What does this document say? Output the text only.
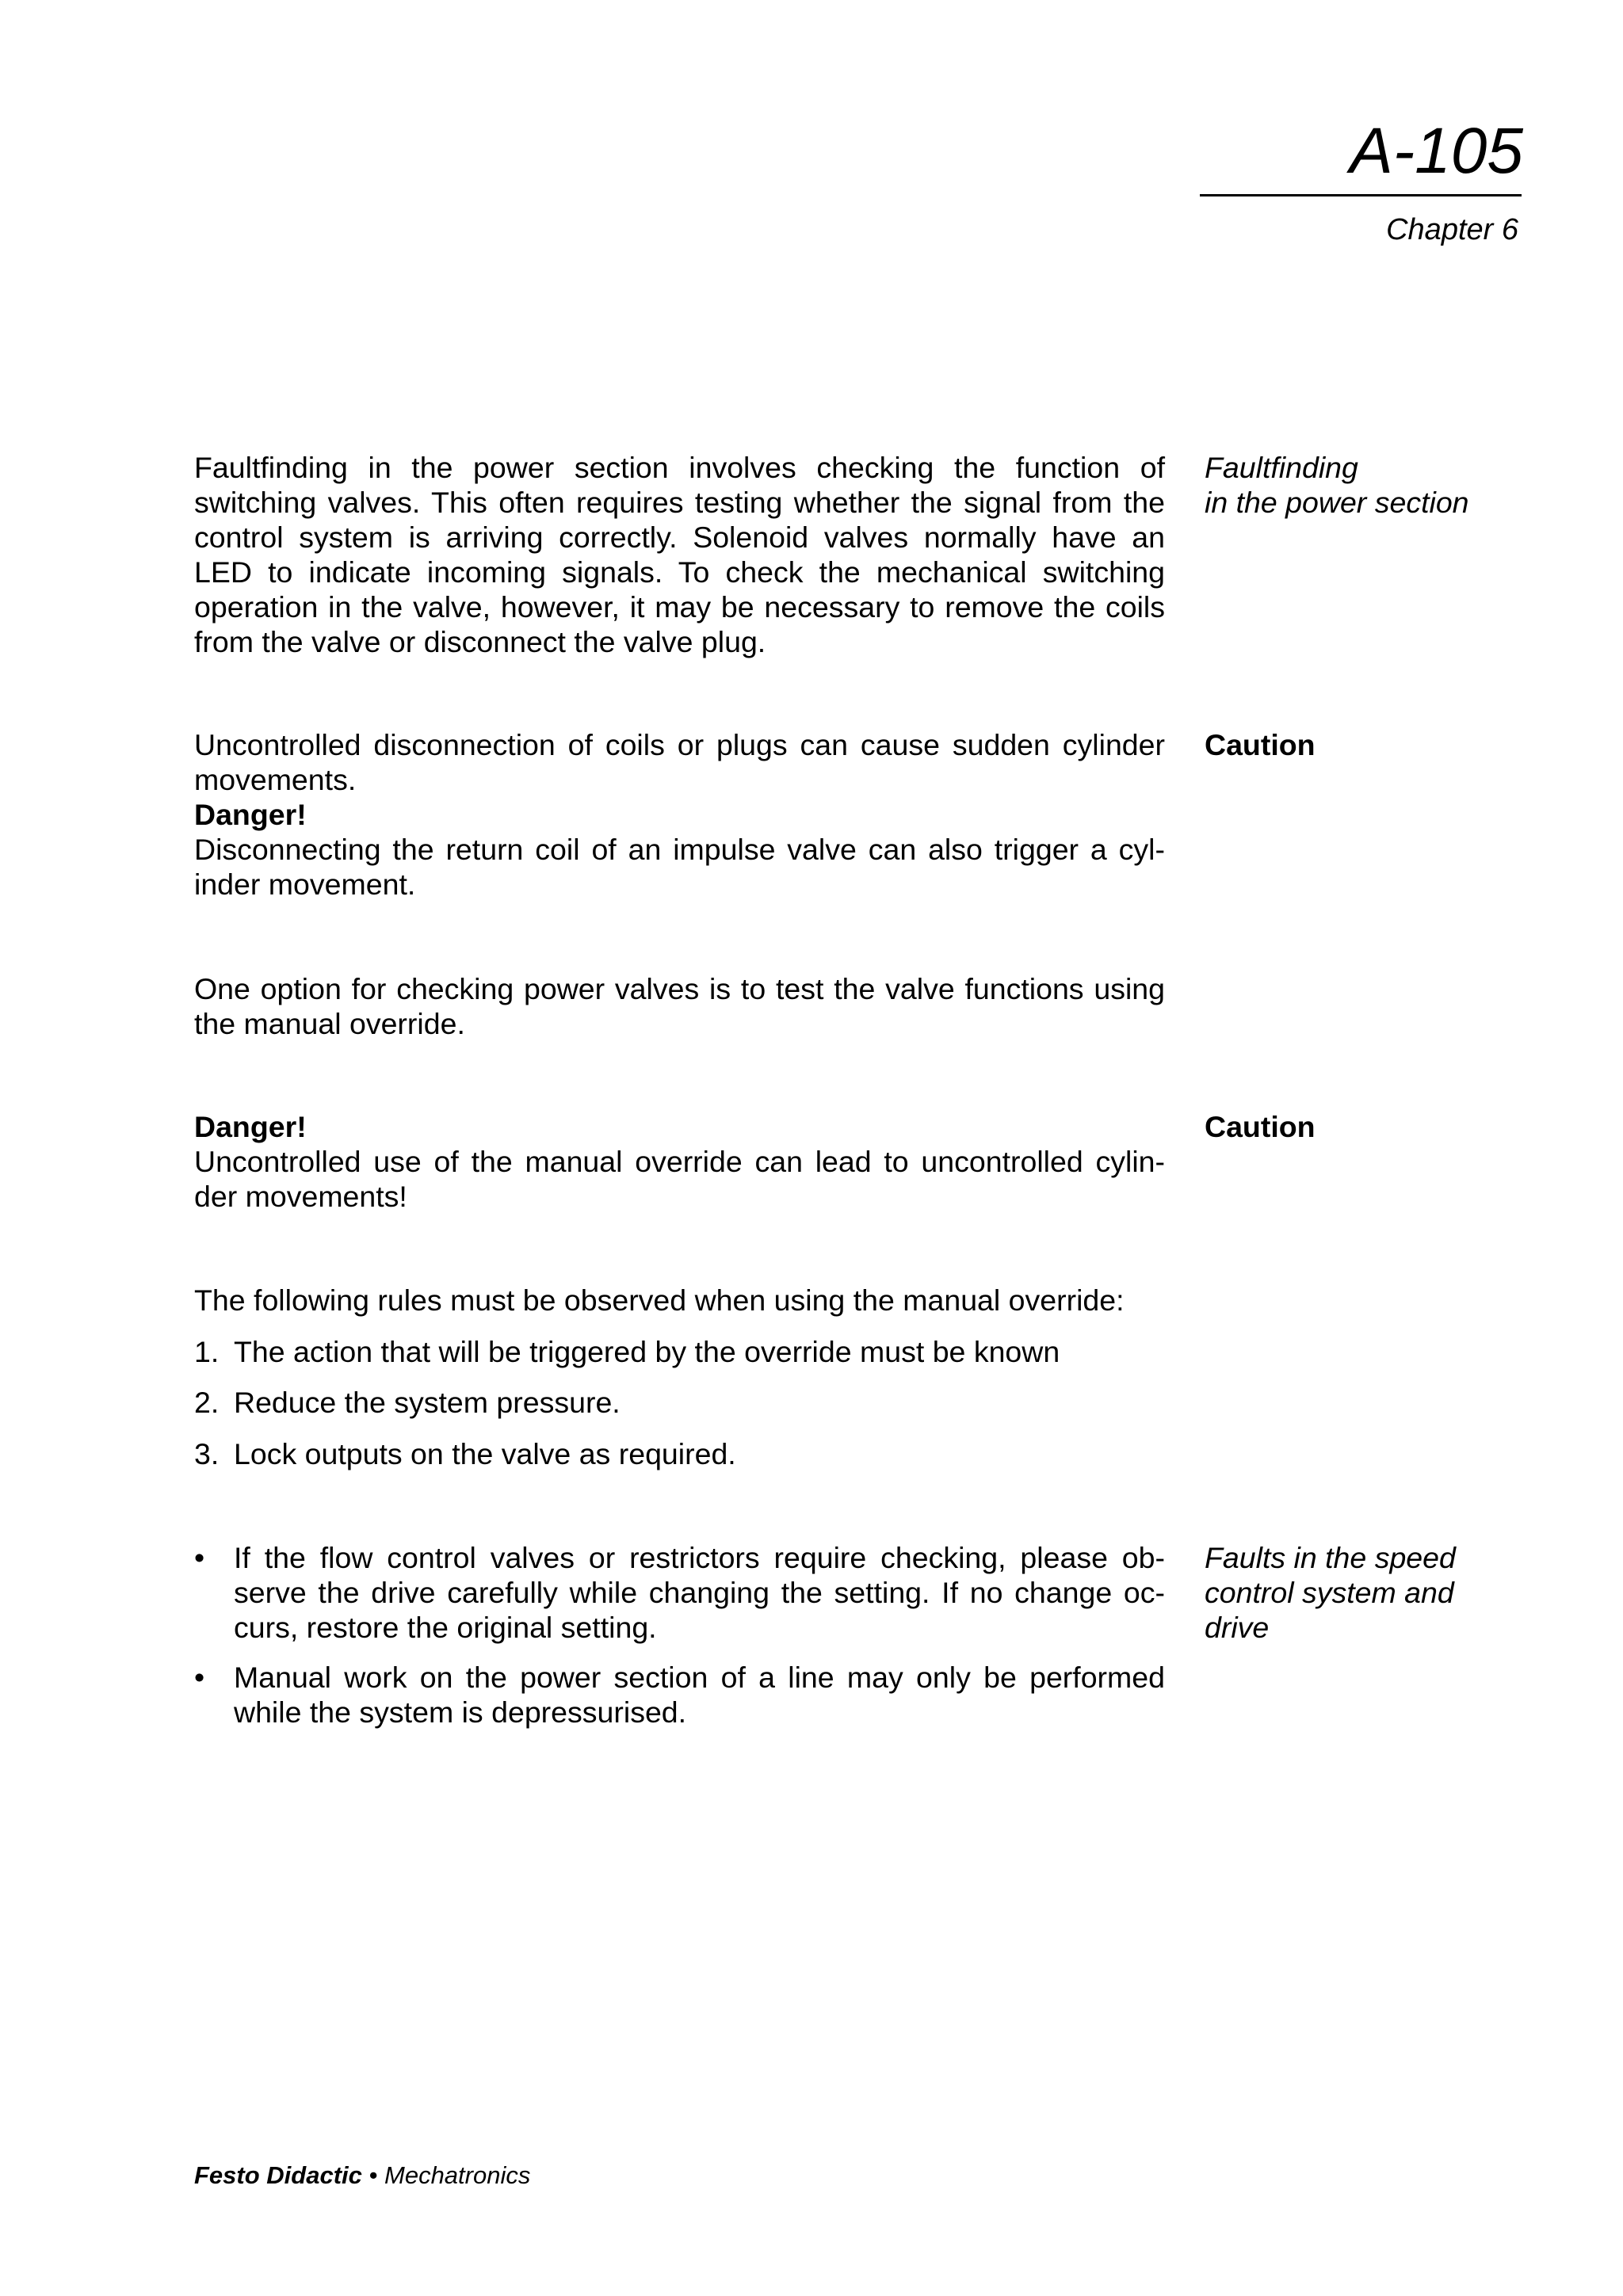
A-105
Chapter 6
Faultfinding in the power section involves checking the function of
switching valves. This often requires testing whether the signal from the
control system is arriving correctly. Solenoid valves normally have an
LED to indicate incoming signals. To check the mechanical switching
operation in the valve, however, it may be necessary to remove the coils
from the valve or disconnect the valve plug.
Faultfinding
in the power section
Uncontrolled disconnection of coils or plugs can cause sudden cylinder
movements.
Danger!
Disconnecting the return coil of an impulse valve can also trigger a cyl-
inder movement.
Caution
One option for checking power valves is to test the valve functions using
the manual override.
Danger!
Uncontrolled use of the manual override can lead to uncontrolled cylin-
der movements!
Caution
The following rules must be observed when using the manual override:
1. The action that will be triggered by the override must be known
2. Reduce the system pressure.
3. Lock outputs on the valve as required.
• If the flow control valves or restrictors require checking, please ob-
serve the drive carefully while changing the setting. If no change oc-
curs, restore the original setting.
• Manual work on the power section of a line may only be performed
while the system is depressurised.
Faults in the speed
control system and
drive
Festo Didactic • Mechatronics
